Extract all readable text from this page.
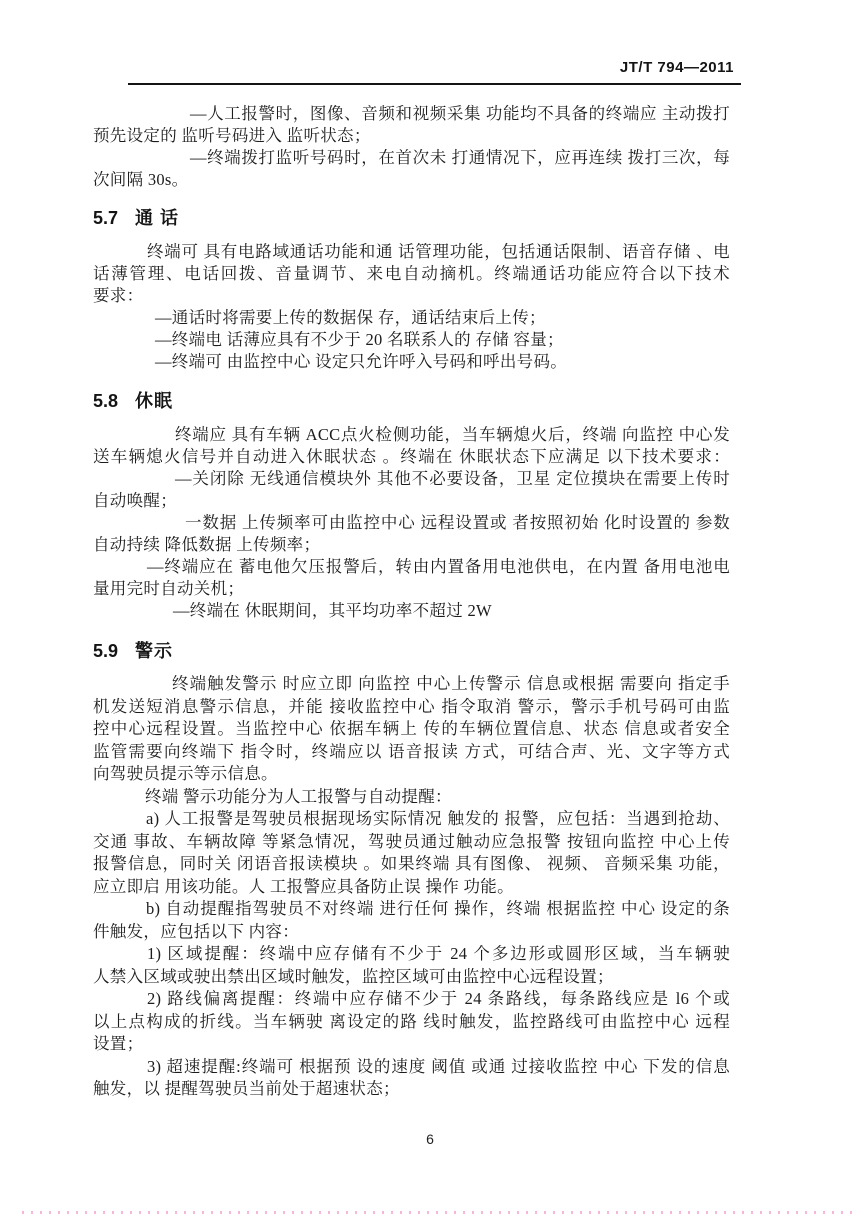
JT/T 794—2011
—人工报警时，图像、音频和视频采集 功能均不具备的终端应 主动拨打
预先设定的 监听号码进入 监听状态；
—终端拨打监听号码时，在首次未 打通情况下，应再连续 拨打三次，每
次间隔 30s。
5.7 通 话
终端可 具有电路域通话功能和通 话管理功能，包括通话限制、语音存储 、电
话薄管理、电话回拨、音量调节、来电自动摘机。终端通话功能应符合以下技术
要求：
—通话时将需要上传的数据保 存，通话结束后上传；
—终端电 话薄应具有不少于 20 名联系人的 存储 容量；
—终端可 由监控中心 设定只允许呼入号码和呼出号码。
5.8 休眠
终端应 具有车辆 ACC点火检侧功能，当车辆熄火后，终端 向监控 中心发
送车辆熄火信号并自动进入休眠状态 。终端在 休眠状态下应满足 以下技术要求：
—关闭除 无线通信模块外 其他不必要设备，卫星 定位摸块在需要上传时
自动唤醒；
一数据 上传频率可由监控中心 远程设置或 者按照初始 化时设置的 参数
自动持续 降低数据 上传频率；
—终端应在 蓄电他欠压报警后，转由内置备用电池供电，在内置 备用电池电
量用完时自动关机；
—终端在 休眠期间，其平均功率不超过 2W
5.9 警示
终端触发警示 时应立即 向监控 中心上传警示 信息或根据 需要向 指定手
机发送短消息警示信息，并能 接收监控中心 指令取消 警示，警示手机号码可由监
控中心远程设置。当监控中心 依据车辆上 传的车辆位置信息、状态 信息或者安全
监管需要向终端下 指令时，终端应以 语音报读 方式，可结合声、光、文字等方式
向驾驶员提示等示信息。
终端 警示功能分为人工报警与自动提醒：
a) 人工报警是驾驶员根据现场实际情况 触发的 报警，应包括：当遇到抢劫、
交通 事故、车辆故障 等紧急情况，驾驶员通过触动应急报警 按钮向监控 中心上传
报警信息，同时关 闭语音报读模块 。如果终端 具有图像、 视频、 音频采集 功能，
应立即启 用该功能。人 工报警应具备防止误 操作 功能。
b) 自动提醒指驾驶员不对终端 进行任何 操作，终端 根据监控 中心 设定的条
件触发，应包括以下 内容：
1) 区域提醒：终端中应存储有不少于 24 个多边形或圆形区域，当车辆驶
人禁入区域或驶出禁出区域时触发，监控区域可由监控中心远程设置；
2) 路线偏离提醒：终端中应存储不少于 24 条路线，每条路线应是 l6 个或
以上点构成的折线。当车辆驶 离设定的路 线时触发，监控路线可由监控中心 远程
设置；
3) 超速提醒:终端可 根据预 设的速度 阈值 或通 过接收监控 中心 下发的信息
触发，以 提醒驾驶员当前处于超速状态；
6
